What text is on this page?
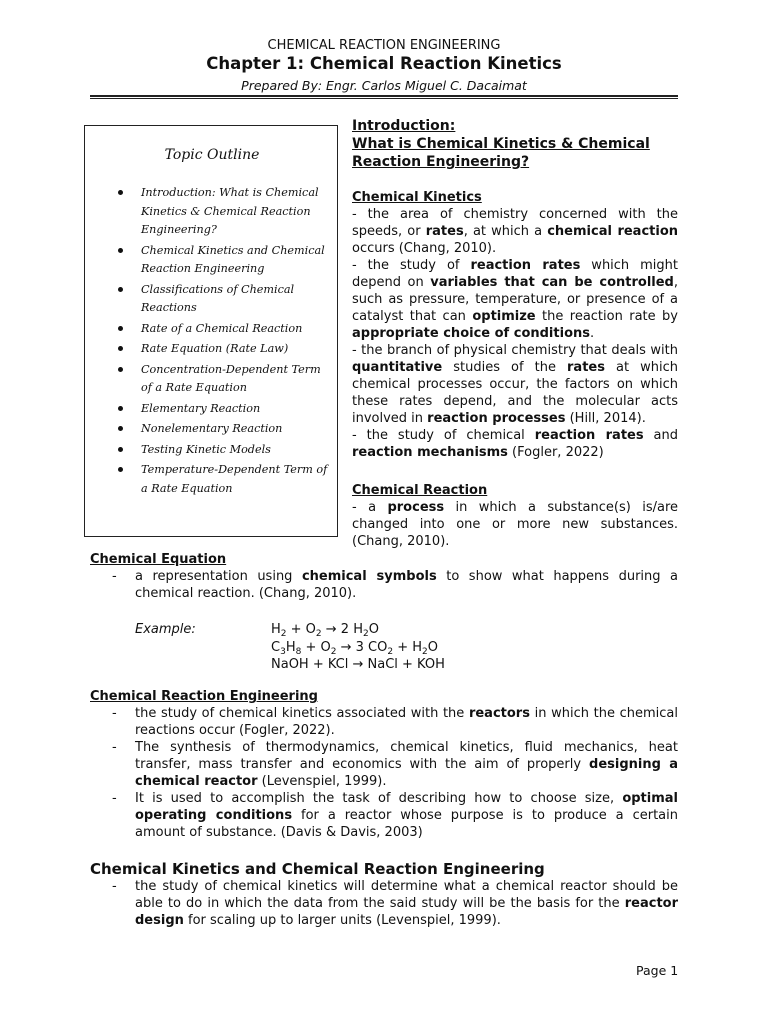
CHEMICAL REACTION ENGINEERING
Chapter 1: Chemical Reaction Kinetics
Prepared By: Engr. Carlos Miguel C. Dacaimat
Topic Outline
Introduction: What is Chemical Kinetics & Chemical Reaction Engineering?
Chemical Kinetics and Chemical Reaction Engineering
Classifications of Chemical Reactions
Rate of a Chemical Reaction
Rate Equation (Rate Law)
Concentration-Dependent Term of a Rate Equation
Elementary Reaction
Nonelementary Reaction
Testing Kinetic Models
Temperature-Dependent Term of a Rate Equation
Introduction:
What is Chemical Kinetics & Chemical Reaction Engineering?
Chemical Kinetics

- the area of chemistry concerned with the speeds, or rates, at which a chemical reaction occurs (Chang, 2010).

- the study of reaction rates which might depend on variables that can be controlled, such as pressure, temperature, or presence of a catalyst that can optimize the reaction rate by appropriate choice of conditions.

- the branch of physical chemistry that deals with quantitative studies of the rates at which chemical processes occur, the factors on which these rates depend, and the molecular acts involved in reaction processes (Hill, 2014).

- the study of chemical reaction rates and reaction mechanisms (Fogler, 2022)

Chemical Reaction

- a process in which a substance(s) is/are changed into one or more new substances. (Chang, 2010).

Chemical Equation
- a representation using chemical symbols to show what happens during a chemical reaction. (Chang, 2010).
Example:	$H_2 + O_2 \to 2$ $H_2O$
$C_3H_8 + O_2 \to 3$ $CO_2 + H_2O$
NaOH + KCl → NaCl + KOH
Chemical Reaction Engineering
- the study of chemical kinetics associated with the reactors in which the chemical reactions occur (Fogler, 2022).
- The synthesis of thermodynamics, chemical kinetics, fluid mechanics, heat transfer, mass transfer and economics with the aim of properly designing a chemical reactor (Levenspiel, 1999).
- It is used to accomplish the task of describing how to choose size, optimal operating conditions for a reactor whose purpose is to produce a certain amount of substance. (Davis & Davis, 2003)
Chemical Kinetics and Chemical Reaction Engineering
- the study of chemical kinetics will determine what a chemical reactor should be able to do in which the data from the said study will be the basis for the reactor design for scaling up to larger units (Levenspiel, 1999).
Page 1
